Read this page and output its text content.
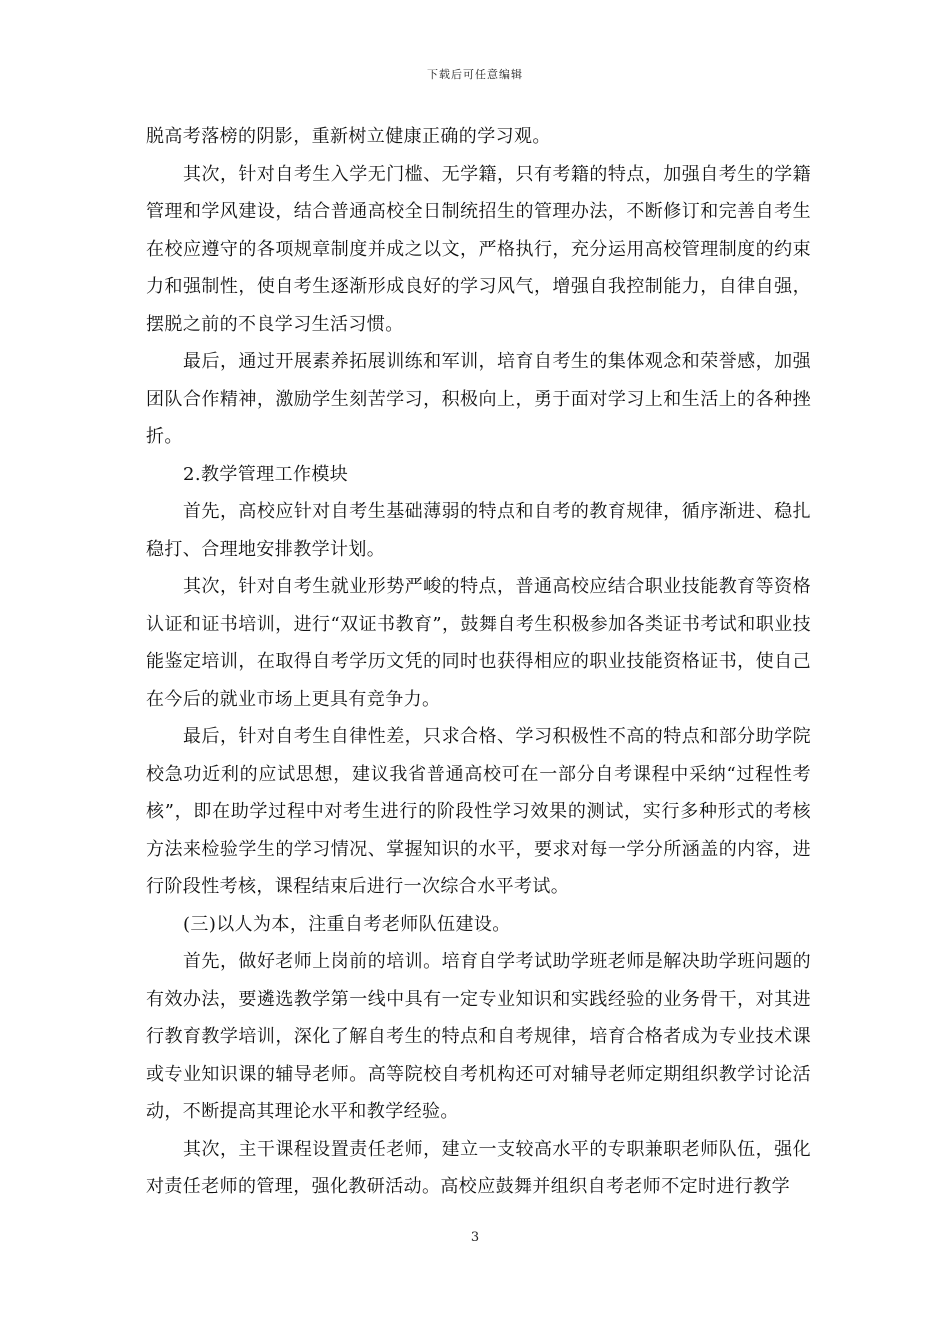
下载后可任意编辑

脱高考落榜的阴影，重新树立健康正确的学习观。

其次，针对自考生入学无门槛、无学籍，只有考籍的特点，加强自考生的学籍管理和学风建设，结合普通高校全日制统招生的管理办法，不断修订和完善自考生在校应遵守的各项规章制度并成之以文，严格执行，充分运用高校管理制度的约束力和强制性，使自考生逐渐形成良好的学习风气，增强自我控制能力，自律自强，摆脱之前的不良学习生活习惯。

最后，通过开展素养拓展训练和军训，培育自考生的集体观念和荣誉感，加强团队合作精神，激励学生刻苦学习，积极向上，勇于面对学习上和生活上的各种挫折。

2.教学管理工作模块

首先，高校应针对自考生基础薄弱的特点和自考的教育规律，循序渐进、稳扎稳打、合理地安排教学计划。

其次，针对自考生就业形势严峻的特点，普通高校应结合职业技能教育等资格认证和证书培训，进行“双证书教育”，鼓舞自考生积极参加各类证书考试和职业技能鉴定培训，在取得自考学历文凭的同时也获得相应的职业技能资格证书，使自己在今后的就业市场上更具有竞争力。

最后，针对自考生自律性差，只求合格、学习积极性不高的特点和部分助学院校急功近利的应试思想，建议我省普通高校可在一部分自考课程中采纳“过程性考核”，即在助学过程中对考生进行的阶段性学习效果的测试，实行多种形式的考核方法来检验学生的学习情况、掌握知识的水平，要求对每一学分所涵盖的内容，进行阶段性考核，课程结束后进行一次综合水平考试。

(三)以人为本，注重自考老师队伍建设。

首先，做好老师上岗前的培训。培育自学考试助学班老师是解决助学班问题的有效办法，要遴选教学第一线中具有一定专业知识和实践经验的业务骨干，对其进行教育教学培训，深化了解自考生的特点和自考规律，培育合格者成为专业技术课或专业知识课的辅导老师。高等院校自考机构还可对辅导老师定期组织教学讨论活动，不断提高其理论水平和教学经验。

其次，主干课程设置责任老师，建立一支较高水平的专职兼职老师队伍，强化对责任老师的管理，强化教研活动。高校应鼓舞并组织自考老师不定时进行教学

3
